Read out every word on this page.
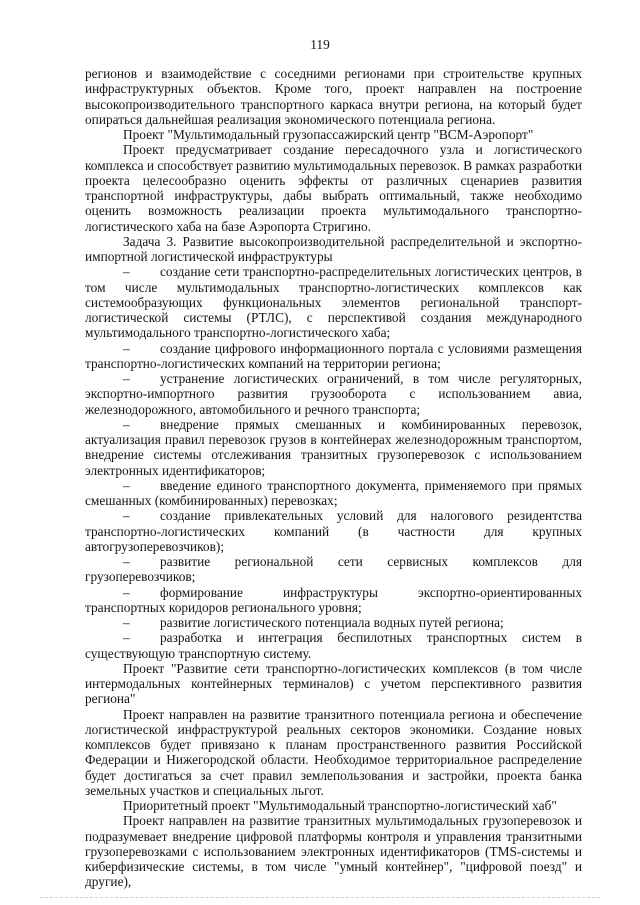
119

регионов и взаимодействие с соседними регионами при строительстве крупных инфраструктурных объектов. Кроме того, проект направлен на построение высокопроизводительного транспортного каркаса внутри региона, на который будет опираться дальнейшая реализация экономического потенциала региона.

Проект "Мультимодальный грузопассажирский центр "ВСМ-Аэропорт"

Проект предусматривает создание пересадочного узла и логистического комплекса и способствует развитию мультимодальных перевозок. В рамках разработки проекта целесообразно оценить эффекты от различных сценариев развития транспортной инфраструктуры, дабы выбрать оптимальный, также необходимо оценить возможность реализации проекта мультимодального транспортно-логистического хаба на базе Аэропорта Стригино.

Задача 3. Развитие высокопроизводительной распределительной и экспортно-импортной логистической инфраструктуры

– создание сети транспортно-распределительных логистических центров, в том числе мультимодальных транспортно-логистических комплексов как системообразующих функциональных элементов региональной транспорт-логистической системы (РТЛС), с перспективой создания международного мультимодального транспортно-логистического хаба;

– создание цифрового информационного портала с условиями размещения транспортно-логистических компаний на территории региона;

– устранение логистических ограничений, в том числе регуляторных, экспортно-импортного развития грузооборота с использованием авиа, железнодорожного, автомобильного и речного транспорта;

– внедрение прямых смешанных и комбинированных перевозок, актуализация правил перевозок грузов в контейнерах железнодорожным транспортом, внедрение системы отслеживания транзитных грузоперевозок с использованием электронных идентификаторов;

– введение единого транспортного документа, применяемого при прямых смешанных (комбинированных) перевозках;

– создание привлекательных условий для налогового резидентства транспортно-логистических компаний (в частности для крупных автогрузоперевозчиков);

– развитие региональной сети сервисных комплексов для грузоперевозчиков;

– формирование инфраструктуры экспортно-ориентированных транспортных коридоров регионального уровня;

– развитие логистического потенциала водных путей региона;

– разработка и интеграция беспилотных транспортных систем в существующую транспортную систему.

Проект "Развитие сети транспортно-логистических комплексов (в том числе интермодальных контейнерных терминалов) с учетом перспективного развития региона"

Проект направлен на развитие транзитного потенциала региона и обеспечение логистической инфраструктурой реальных секторов экономики. Создание новых комплексов будет привязано к планам пространственного развития Российской Федерации и Нижегородской области. Необходимое территориальное распределение будет достигаться за счет правил землепользования и застройки, проекта банка земельных участков и специальных льгот.

Приоритетный проект "Мультимодальный транспортно-логистический хаб"

Проект направлен на развитие транзитных мультимодальных грузоперевозок и подразумевает внедрение цифровой платформы контроля и управления транзитными грузоперевозками с использованием электронных идентификаторов (TMS-системы и киберфизические системы, в том числе "умный контейнер", "цифровой поезд" и другие),
